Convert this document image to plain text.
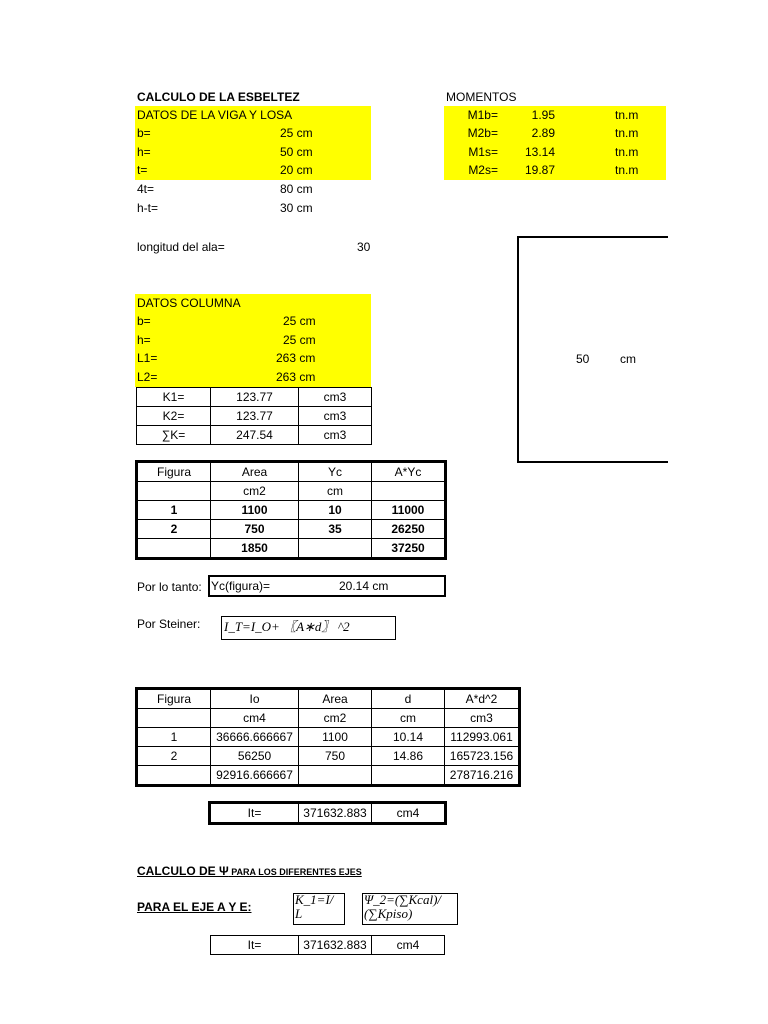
CALCULO DE LA ESBELTEZ
DATOS DE LA VIGA Y LOSA
b=	25 cm
h=	50 cm
t=	20 cm
4t=	80 cm
h-t=	30 cm
longitud del ala=	30
MOMENTOS
M1b=	1.95	tn.m
M2b=	2.89	tn.m
M1s=	13.14	tn.m
M2s=	19.87	tn.m
50	cm
DATOS COLUMNA
b=	25 cm
h=	25 cm
L1=	263 cm
L2=	263 cm
K1=	123.77	cm3
K2=	123.77	cm3
∑K=	247.54	cm3
Figura	Area	Yc	A*Yc
	cm2	cm	
1	1100	10	11000
2	750	35	26250
	1850		37250
Por lo tanto: Yc(figura)=	20.14 cm
Por Steiner: I_T=I_O+ 〖A∗d〗 ^2
Figura	Io	Area	d	A*d^2
	cm4	cm2	cm	cm3
1	36666.666667	1100	10.14	112993.061
2	56250	750	14.86	165723.156
	92916.666667			278716.216
It=	371632.883	cm4
CALCULO DE Ψ PARA LOS DIFERENTES EJES
PARA EL EJE A Y E:	K_1=I/
L
Ψ_2=(∑Kcal)/
(∑Kpiso)
It=	371632.883	cm4
